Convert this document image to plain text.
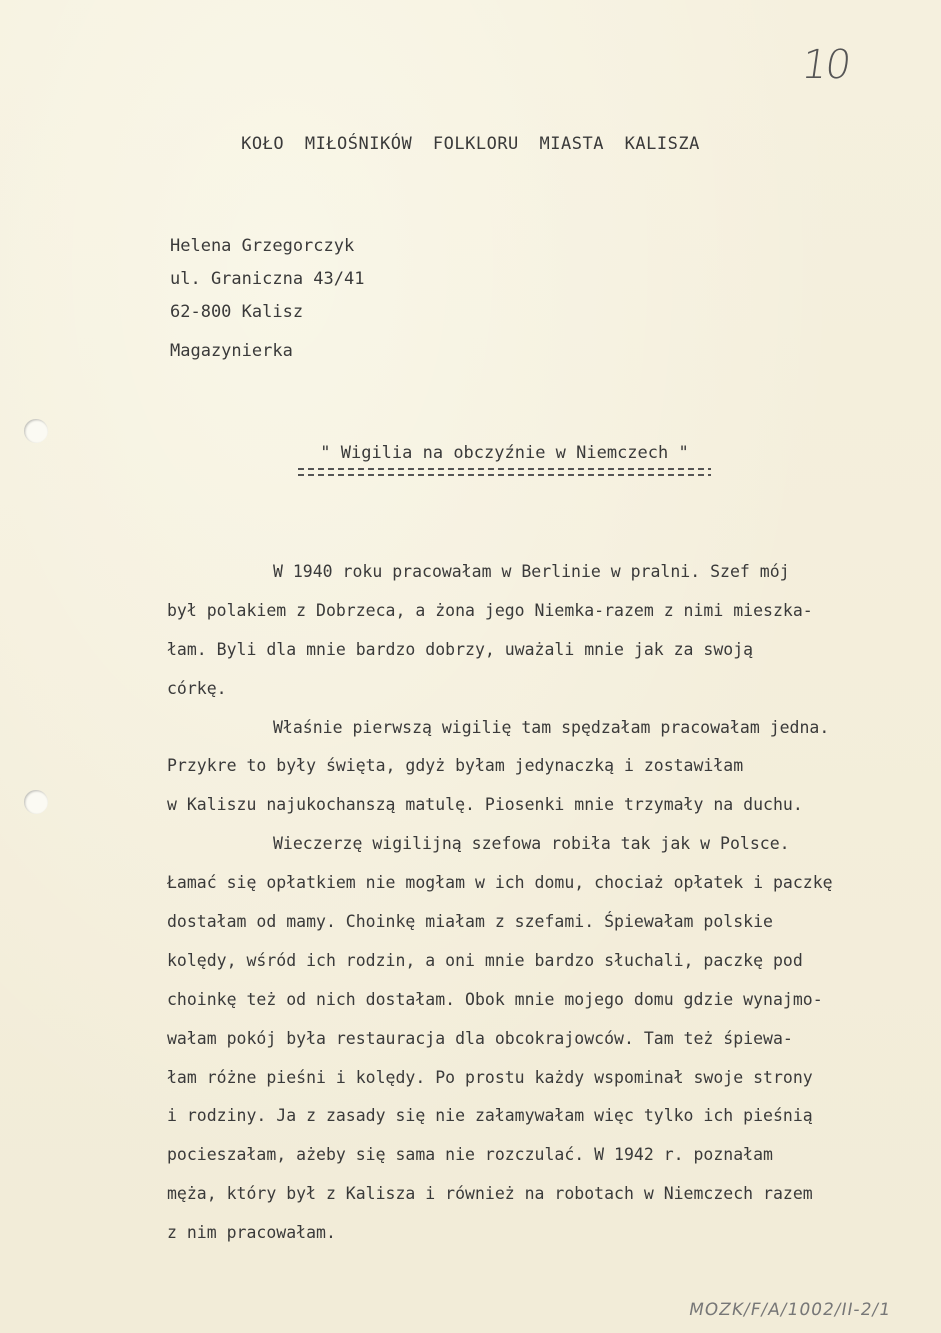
10
KOŁO MIŁOŚNIKÓW FOLKLORU MIASTA KALISZA
Helena Grzegorczyk
ul. Graniczna 43/41
62-800 Kalisz
Magazynierka
" Wigilia na obczyźnie w Niemczech "
W 1940 roku pracowałam w Berlinie w pralni. Szef mój
był polakiem z Dobrzeca, a żona jego Niemka-razem z nimi mieszka-
łam. Byli dla mnie bardzo dobrzy, uważali mnie jak za swoją
córkę.
Właśnie pierwszą wigilię tam spędzałam pracowałam jedna.
Przykre to były święta, gdyż byłam jedynaczką i zostawiłam
w Kaliszu najukochanszą matulę. Piosenki mnie trzymały na duchu.
Wieczerzę wigilijną szefowa robiła tak jak w Polsce.
Łamać się opłatkiem nie mogłam w ich domu, chociaż opłatek i paczkę
dostałam od mamy. Choinkę miałam z szefami. Śpiewałam polskie
kolędy, wśród ich rodzin, a oni mnie bardzo słuchali, paczkę pod
choinkę też od nich dostałam. Obok mnie mojego domu gdzie wynajmo-
wałam pokój była restauracja dla obcokrajowców. Tam też śpiewa-
łam różne pieśni i kolędy. Po prostu każdy wspominał swoje strony
i rodziny. Ja z zasady się nie załamywałam więc tylko ich pieśnią
pocieszałam, ażeby się sama nie rozczulać. W 1942 r. poznałam
męża, który był z Kalisza i również na robotach w Niemczech razem
z nim pracowałam.
MOZK/F/A/1002/II-2/1
